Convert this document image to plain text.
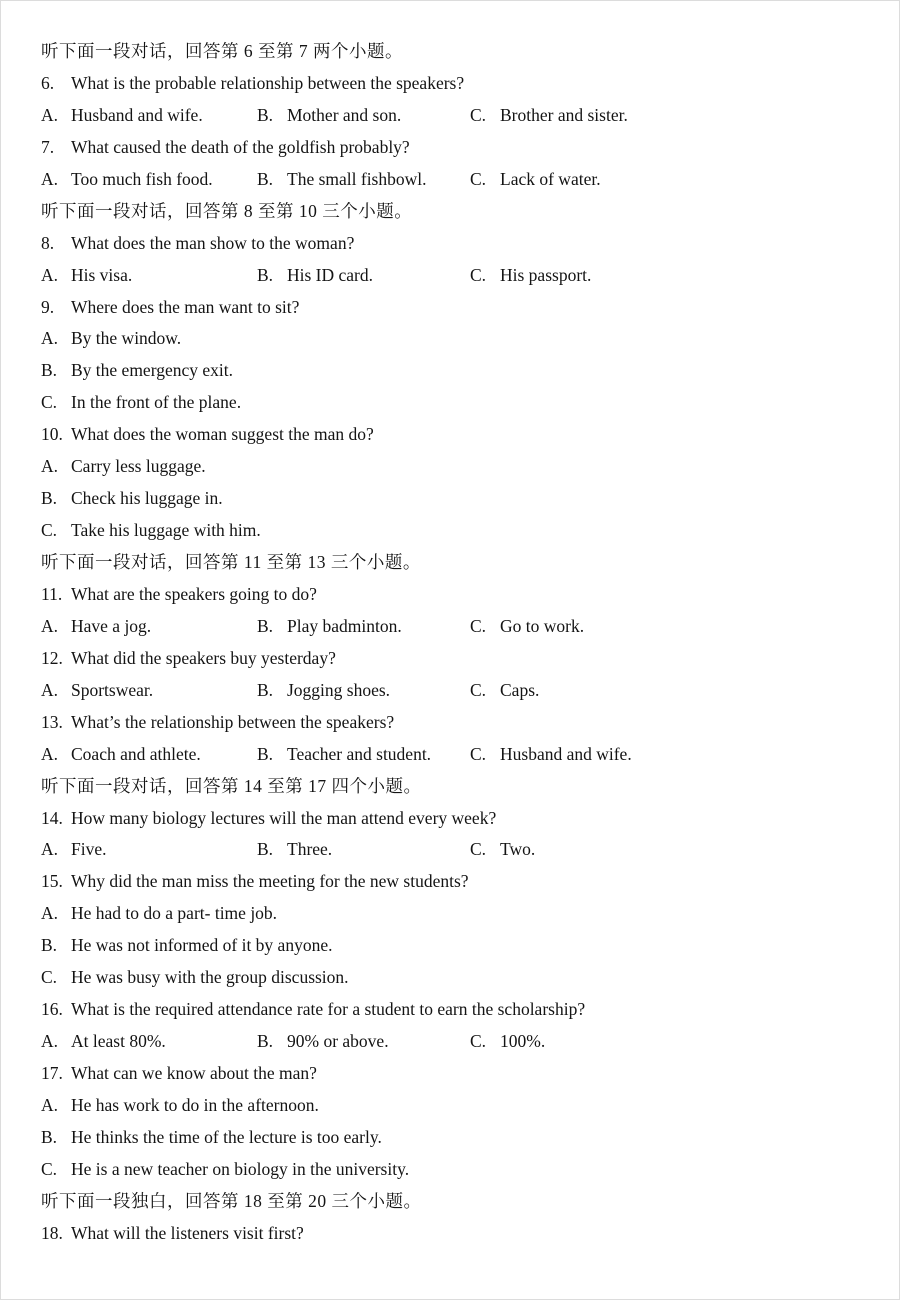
听下面一段对话，回答第 6 至第 7 两个小题。
6. What is the probable relationship between the speakers?
A. Husband and wife.	B. Mother and son.	C. Brother and sister.
7. What caused the death of the goldfish probably?
A. Too much fish food.	B. The small fishbowl.	C. Lack of water.
听下面一段对话，回答第 8 至第 10 三个小题。
8. What does the man show to the woman?
A. His visa.	B. His ID card.	C. His passport.
9. Where does the man want to sit?
A. By the window.
B. By the emergency exit.
C. In the front of the plane.
10. What does the woman suggest the man do?
A. Carry less luggage.
B. Check his luggage in.
C. Take his luggage with him.
听下面一段对话，回答第 11 至第 13 三个小题。
11. What are the speakers going to do?
A. Have a jog.	B. Play badminton.	C. Go to work.
12. What did the speakers buy yesterday?
A. Sportswear.	B. Jogging shoes.	C. Caps.
13. What’s the relationship between the speakers?
A. Coach and athlete.	B. Teacher and student.	C. Husband and wife.
听下面一段对话，回答第 14 至第 17 四个小题。
14. How many biology lectures will the man attend every week?
A. Five.	B. Three.	C. Two.
15. Why did the man miss the meeting for the new students?
A. He had to do a part- time job.
B. He was not informed of it by anyone.
C. He was busy with the group discussion.
16. What is the required attendance rate for a student to earn the scholarship?
A. At least 80%.	B. 90% or above.	C. 100%.
17. What can we know about the man?
A. He has work to do in the afternoon.
B. He thinks the time of the lecture is too early.
C. He is a new teacher on biology in the university.
听下面一段独白，回答第 18 至第 20 三个小题。
18. What will the listeners visit first?
